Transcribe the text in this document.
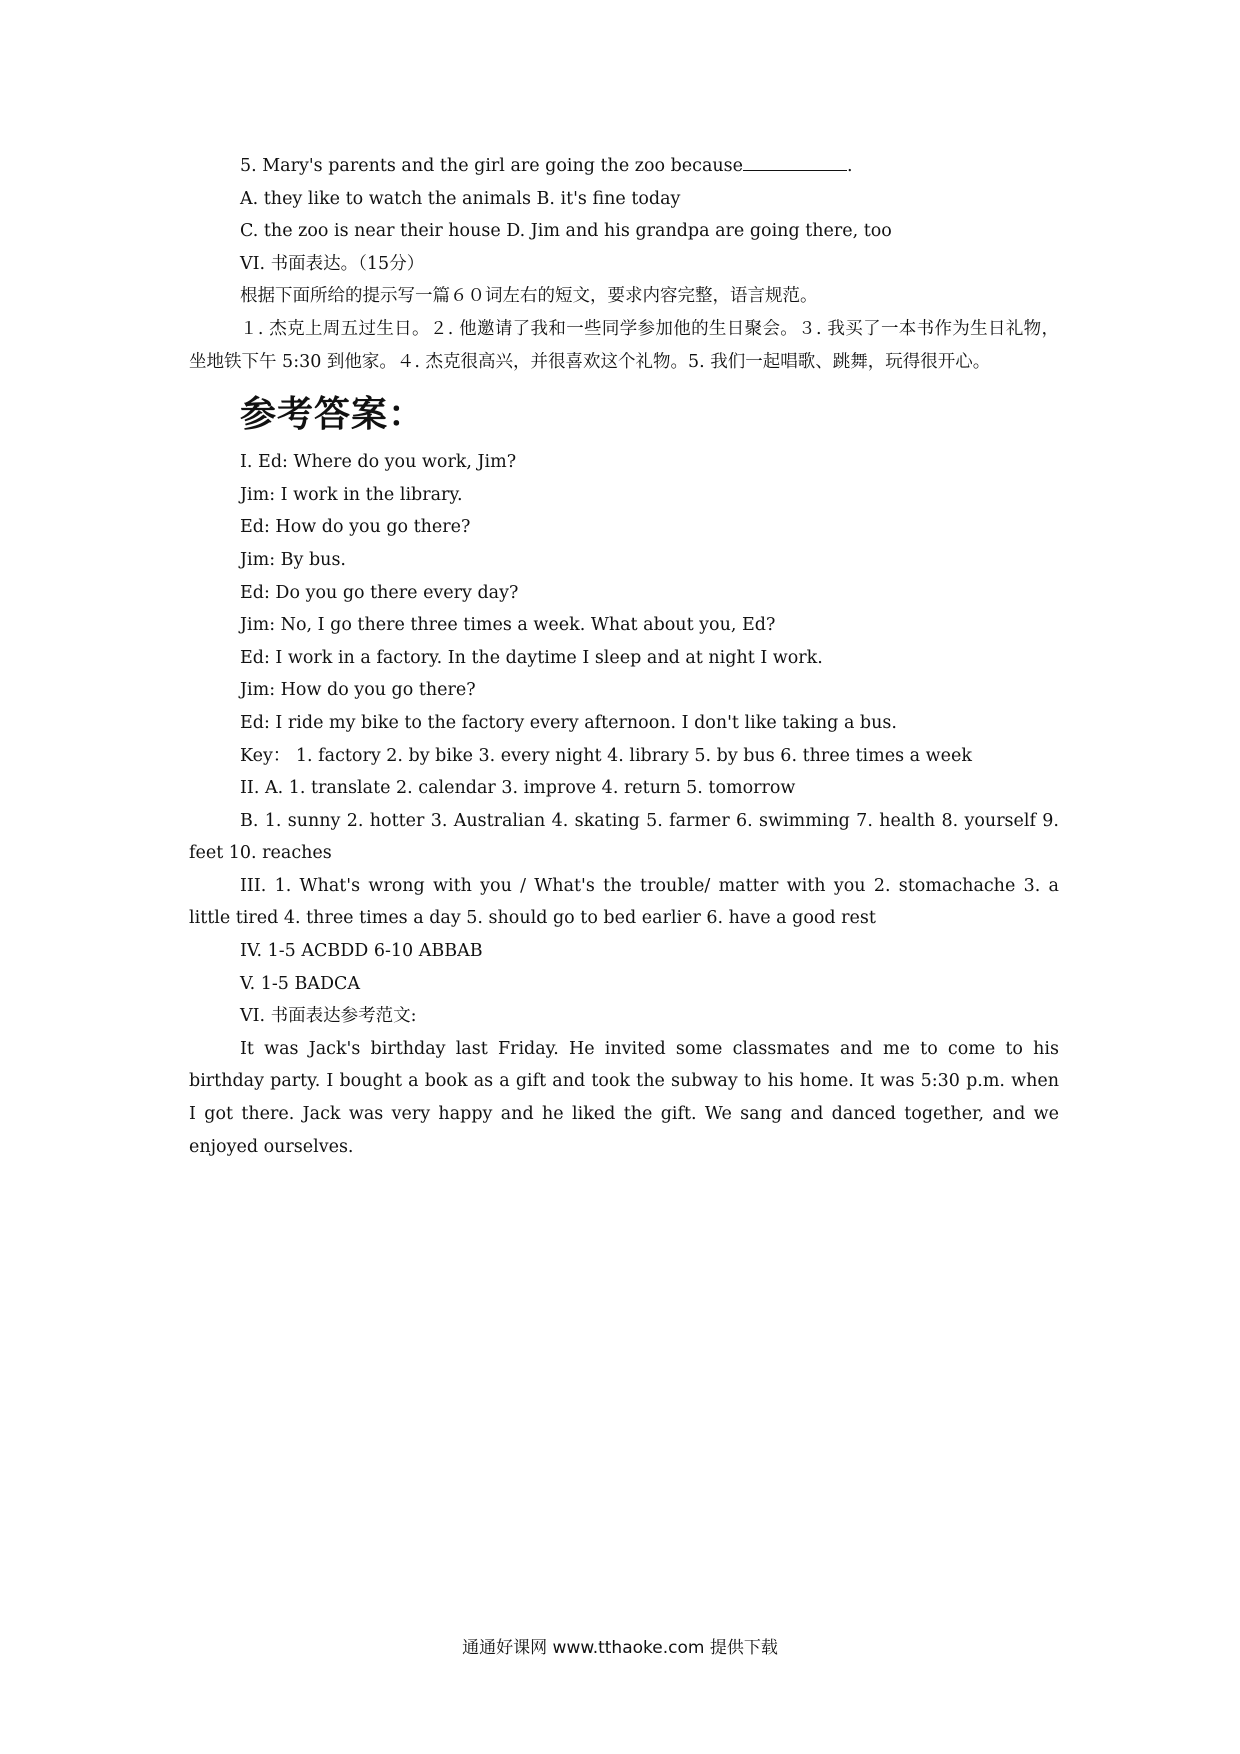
5. Mary's parents and the girl are going the zoo because	.
A. they like to watch the animals B. it's fine today
C. the zoo is near their house D. Jim and his grandpa are going there, too
VI. 书面表达。（15分）
根据下面所给的提示写一篇６０词左右的短文，要求内容完整，语言规范。
１. 杰克上周五过生日。２. 他邀请了我和一些同学参加他的生日聚会。３. 我买了一本书作为生日礼物，坐地铁下午 5:30 到他家。４. 杰克很高兴，并很喜欢这个礼物。5. 我们一起唱歌、跳舞，玩得很开心。
参考答案：
I. Ed: Where do you work, Jim?
Jim: I work in the library.
Ed: How do you go there?
Jim: By bus.
Ed: Do you go there every day?
Jim: No, I go there three times a week. What about you, Ed?
Ed: I work in a factory. In the daytime I sleep and at night I work.
Jim: How do you go there?
Ed: I ride my bike to the factory every afternoon. I don't like taking a bus.
Key： 1. factory 2. by bike 3. every night 4. library 5. by bus 6. three times a week
II. A. 1. translate 2. calendar 3. improve 4. return 5. tomorrow
B. 1. sunny 2. hotter 3. Australian 4. skating 5. farmer 6. swimming 7. health 8. yourself 9. feet 10. reaches
III. 1. What's wrong with you / What's the trouble/ matter with you 2. stomachache 3. a little tired 4. three times a day 5. should go to bed earlier 6. have a good rest
IV. 1-5 ACBDD 6-10 ABBAB
V. 1-5 BADCA
VI. 书面表达参考范文:
It was Jack's birthday last Friday. He invited some classmates and me to come to his birthday party. I bought a book as a gift and took the subway to his home. It was 5:30 p.m. when I got there. Jack was very happy and he liked the gift. We sang and danced together, and we enjoyed ourselves.
通通好课网 www.tthaoke.com 提供下载
